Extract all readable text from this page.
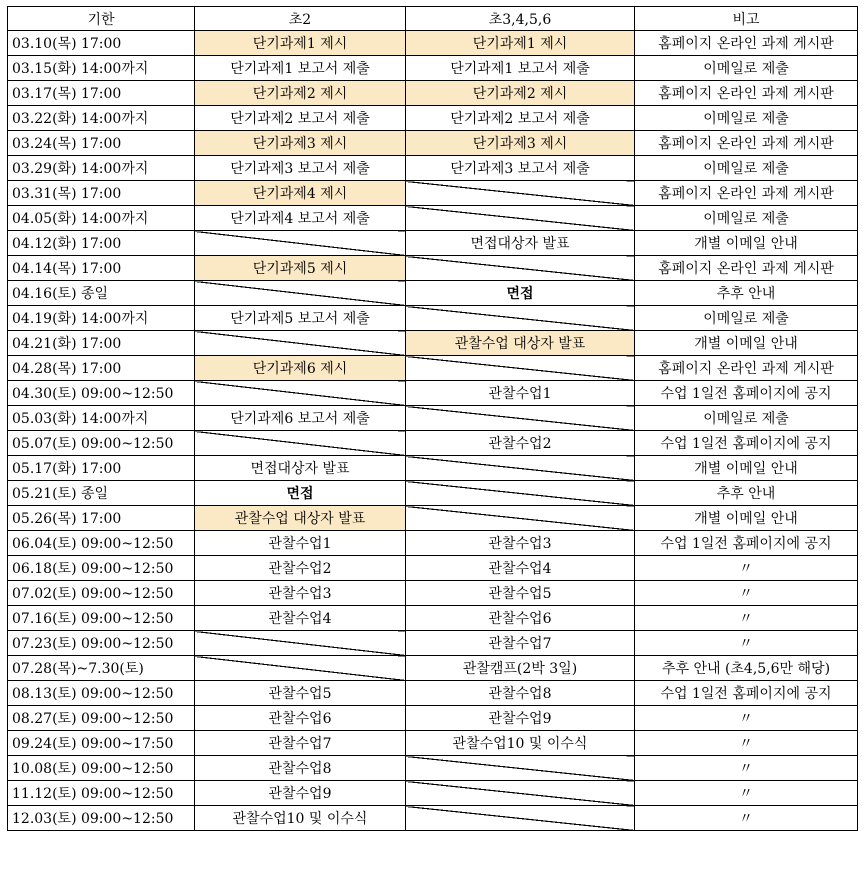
기한	초2	초3,4,5,6	비고
03.10(목) 17:00	단기과제1 제시	단기과제1 제시	홈페이지 온라인 과제 게시판
03.15(화) 14:00까지	단기과제1 보고서 제출	단기과제1 보고서 제출	이메일로 제출
03.17(목) 17:00	단기과제2 제시	단기과제2 제시	홈페이지 온라인 과제 게시판
03.22(화) 14:00까지	단기과제2 보고서 제출	단기과제2 보고서 제출	이메일로 제출
03.24(목) 17:00	단기과제3 제시	단기과제3 제시	홈페이지 온라인 과제 게시판
03.29(화) 14:00까지	단기과제3 보고서 제출	단기과제3 보고서 제출	이메일로 제출
03.31(목) 17:00	단기과제4 제시		홈페이지 온라인 과제 게시판
04.05(화) 14:00까지	단기과제4 보고서 제출		이메일로 제출
04.12(화) 17:00		면접대상자 발표	개별 이메일 안내
04.14(목) 17:00	단기과제5 제시		홈페이지 온라인 과제 게시판
04.16(토) 종일		면접	추후 안내
04.19(화) 14:00까지	단기과제5 보고서 제출		이메일로 제출
04.21(화) 17:00		관찰수업 대상자 발표	개별 이메일 안내
04.28(목) 17:00	단기과제6 제시		홈페이지 온라인 과제 게시판
04.30(토) 09:00~12:50		관찰수업1	수업 1일전 홈페이지에 공지
05.03(화) 14:00까지	단기과제6 보고서 제출		이메일로 제출
05.07(토) 09:00~12:50		관찰수업2	수업 1일전 홈페이지에 공지
05.17(화) 17:00	면접대상자 발표		개별 이메일 안내
05.21(토) 종일	면접		추후 안내
05.26(목) 17:00	관찰수업 대상자 발표		개별 이메일 안내
06.04(토) 09:00~12:50	관찰수업1	관찰수업3	수업 1일전 홈페이지에 공지
06.18(토) 09:00~12:50	관찰수업2	관찰수업4	〃
07.02(토) 09:00~12:50	관찰수업3	관찰수업5	〃
07.16(토) 09:00~12:50	관찰수업4	관찰수업6	〃
07.23(토) 09:00~12:50		관찰수업7	〃
07.28(목)~7.30(토)		관찰캠프(2박 3일)	추후 안내 (초4,5,6만 해당)
08.13(토) 09:00~12:50	관찰수업5	관찰수업8	수업 1일전 홈페이지에 공지
08.27(토) 09:00~12:50	관찰수업6	관찰수업9	〃
09.24(토) 09:00~17:50	관찰수업7	관찰수업10 및 이수식	〃
10.08(토) 09:00~12:50	관찰수업8		〃
11.12(토) 09:00~12:50	관찰수업9		〃
12.03(토) 09:00~12:50	관찰수업10 및 이수식		〃
